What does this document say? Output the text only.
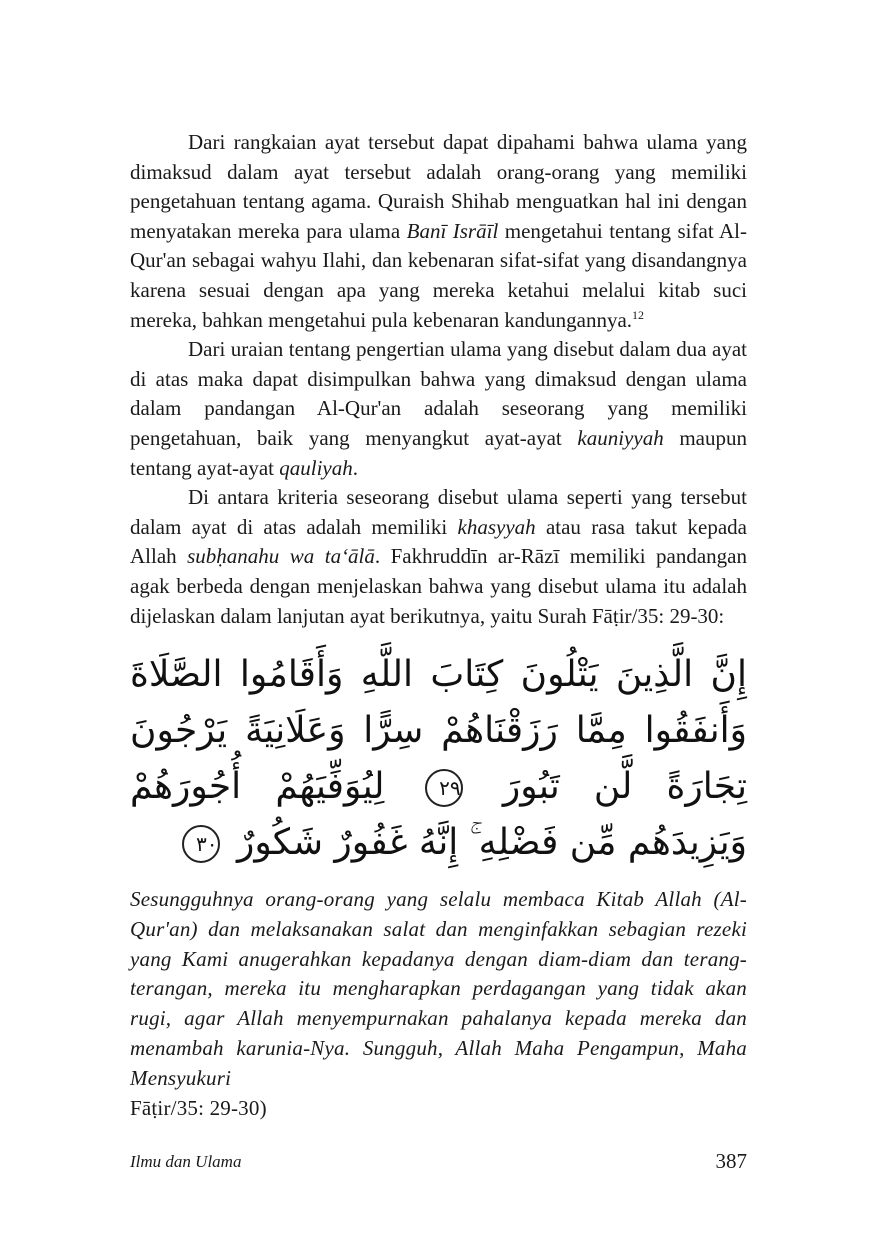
Dari rangkaian ayat tersebut dapat dipahami bahwa ulama yang dimaksud dalam ayat tersebut adalah orang-orang yang memiliki pengetahuan tentang agama. Quraish Shihab menguatkan hal ini dengan menyatakan mereka para ulama Banī Isrāīl mengetahui tentang sifat Al-Qur'an sebagai wahyu Ilahi, dan kebenaran sifat-sifat yang disandangnya karena sesuai dengan apa yang mereka ketahui melalui kitab suci mereka, bahkan mengetahui pula kebenaran kandungannya.$^{12}$

Dari uraian tentang pengertian ulama yang disebut dalam dua ayat di atas maka dapat disimpulkan bahwa yang dimaksud dengan ulama dalam pandangan Al-Qur'an adalah seseorang yang memiliki pengetahuan, baik yang menyangkut ayat-ayat kauniyyah maupun tentang ayat-ayat qauliyah.

Di antara kriteria seseorang disebut ulama seperti yang tersebut dalam ayat di atas adalah memiliki khasyyah atau rasa takut kepada Allah subḥanahu wa ta‘ālā. Fakhruddīn ar-Rāzī memiliki pandangan agak berbeda dengan menjelaskan bahwa yang disebut ulama itu adalah dijelaskan dalam lanjutan ayat berikutnya, yaitu Surah Fāṭir/35: 29-30:

إِنَّ الَّذِينَ يَتْلُونَ كِتَابَ اللَّهِ وَأَقَامُوا الصَّلَاةَ وَأَنفَقُوا مِمَّا رَزَقْنَاهُمْ سِرًّا وَعَلَانِيَةً يَرْجُونَ تِجَارَةً لَّن تَبُورَ ٢٩ لِيُوَفِّيَهُمْ أُجُورَهُمْ وَيَزِيدَهُم مِّن فَضْلِهِ ۚ إِنَّهُ غَفُورٌ شَكُورٌ ٣٠

Sesungguhnya orang-orang yang selalu membaca Kitab Allah (Al-Qur'an) dan melaksanakan salat dan menginfakkan sebagian rezeki yang Kami anugerahkan kepadanya dengan diam-diam dan terang-terangan, mereka itu mengharapkan perdagangan yang tidak akan rugi, agar Allah menyempurnakan pahalanya kepada mereka dan menambah karunia-Nya. Sungguh, Allah Maha Pengampun, Maha Mensyukuri
Fāṭir/35: 29-30)

Ilmu dan Ulama	387
